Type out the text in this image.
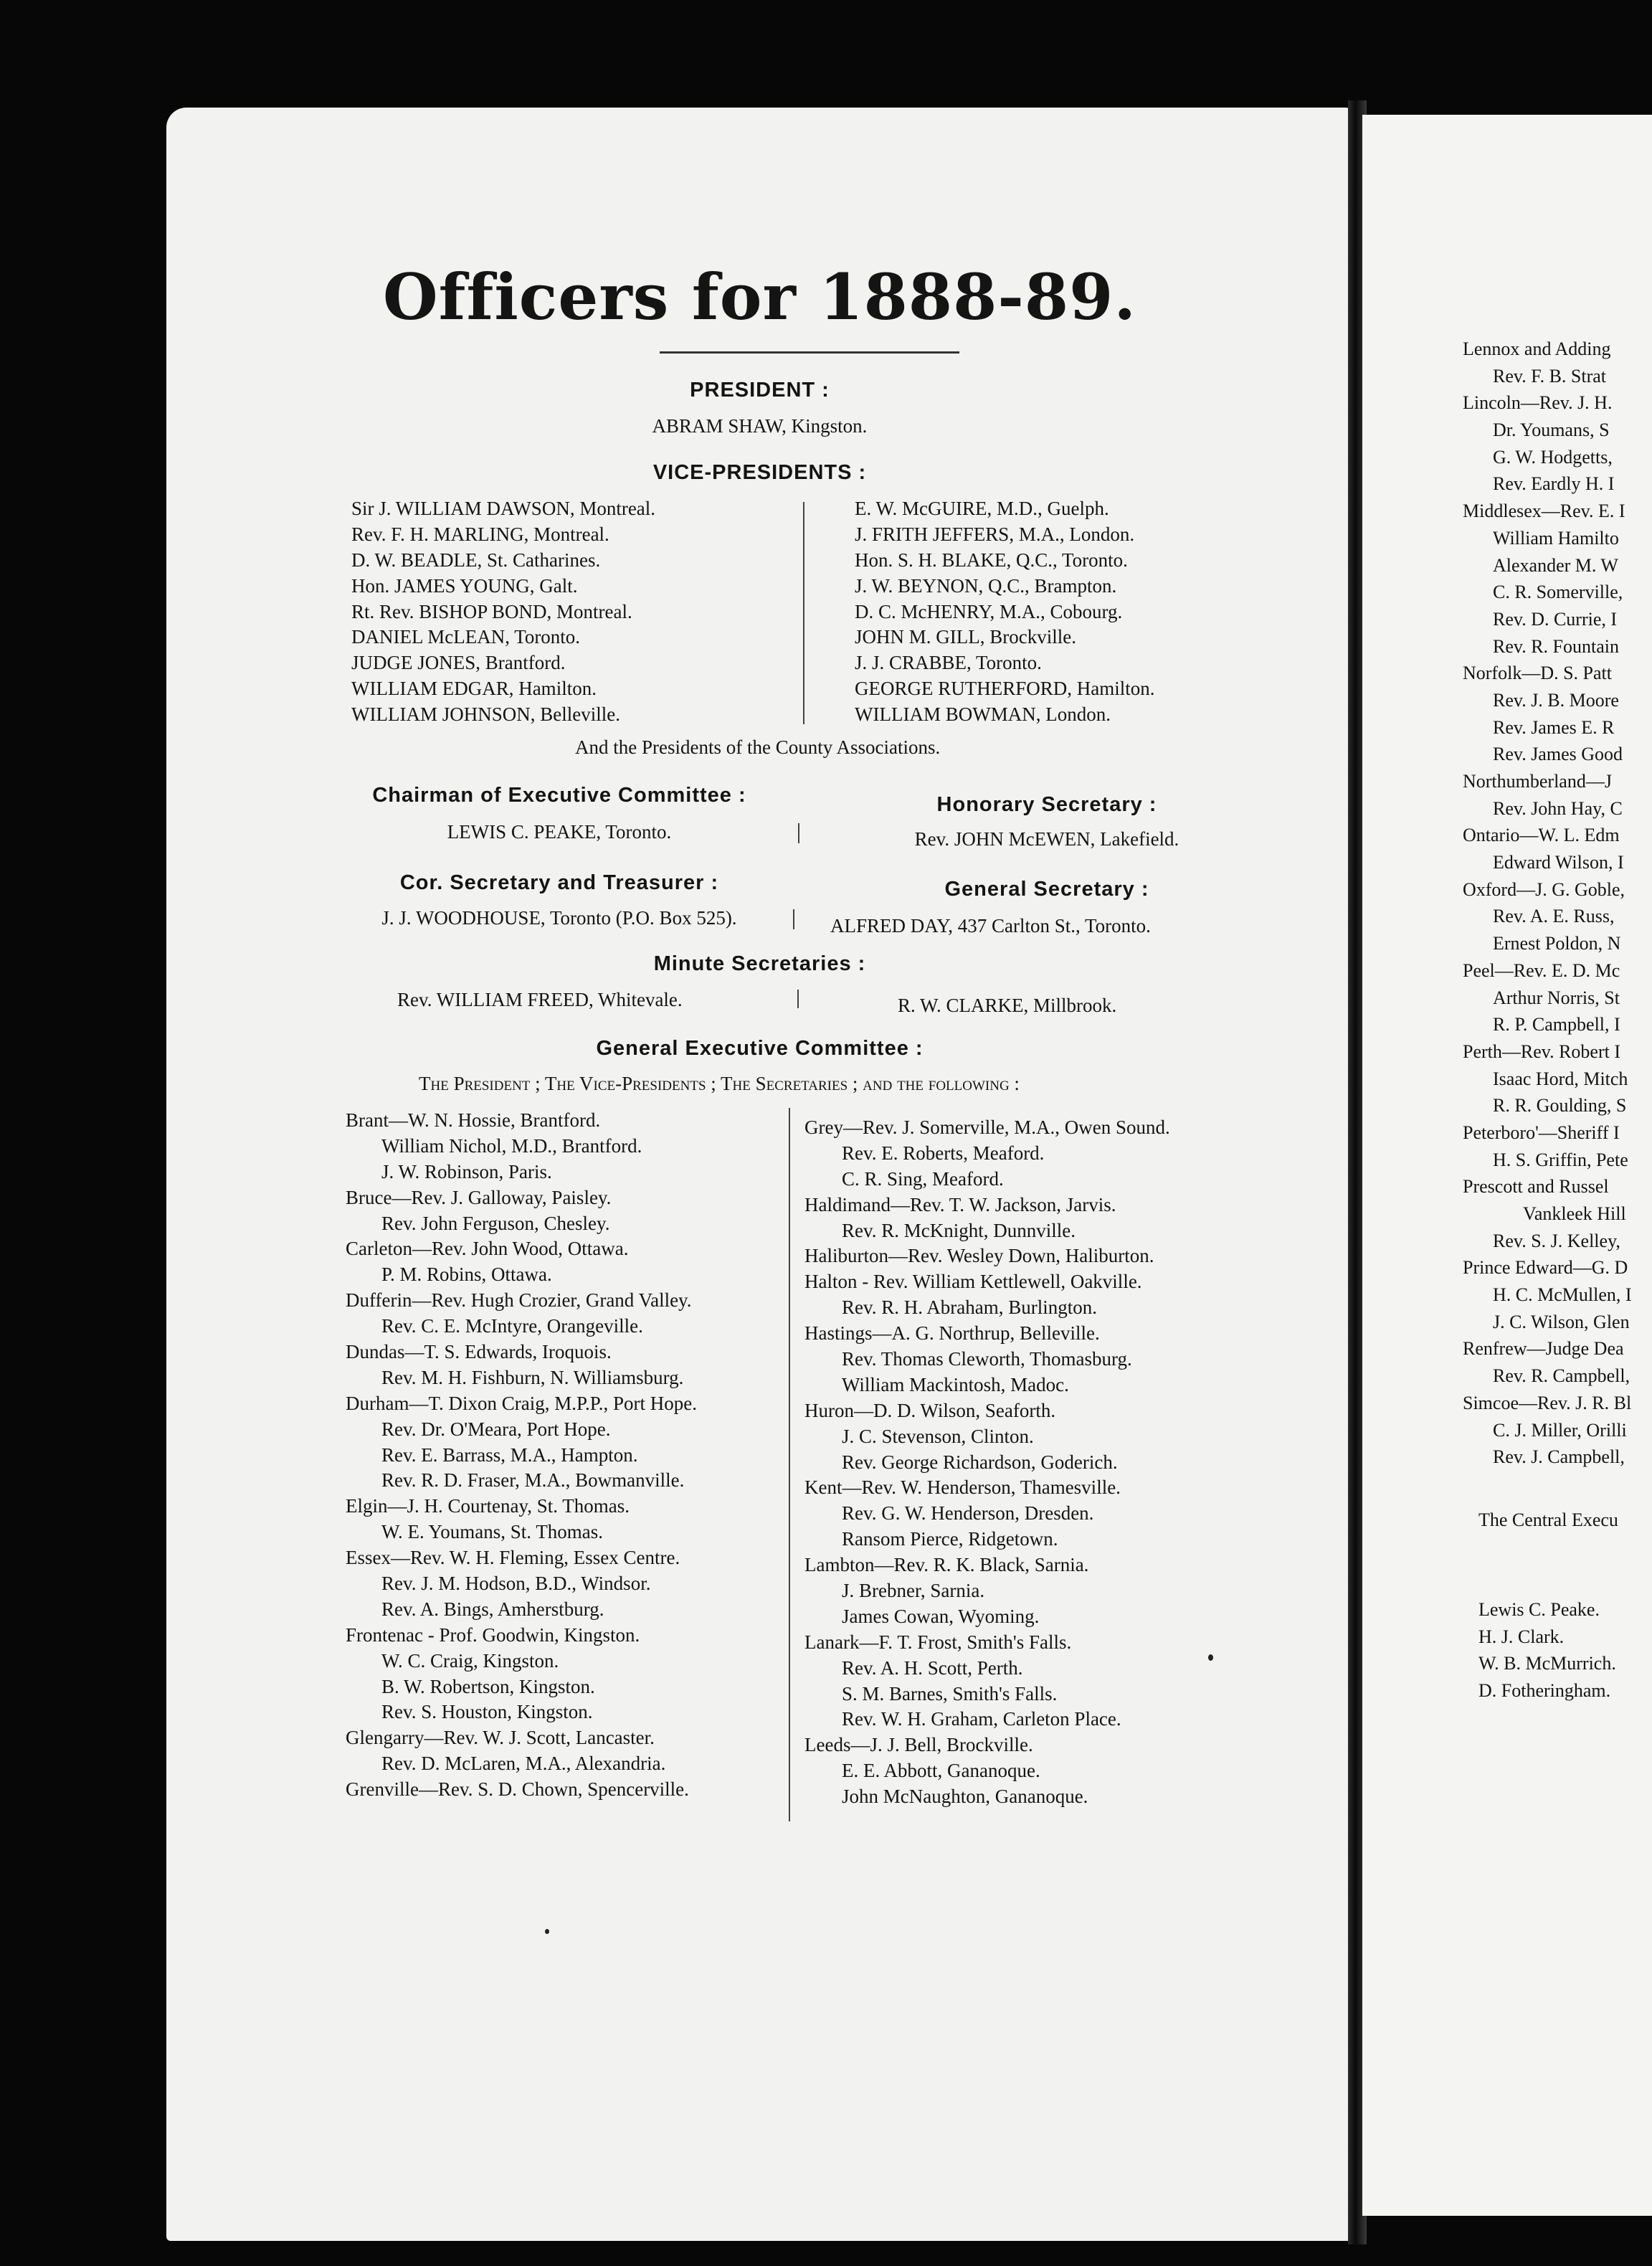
Officers for 1888-89.
PRESIDENT :
ABRAM SHAW, Kingston.
VICE-PRESIDENTS :
Sir J. WILLIAM DAWSON, Montreal.
Rev. F. H. MARLING, Montreal.
D. W. BEADLE, St. Catharines.
Hon. JAMES YOUNG, Galt.
Rt. Rev. BISHOP BOND, Montreal.
DANIEL McLEAN, Toronto.
JUDGE JONES, Brantford.
WILLIAM EDGAR, Hamilton.
WILLIAM JOHNSON, Belleville.
E. W. McGUIRE, M.D., Guelph.
J. FRITH JEFFERS, M.A., London.
Hon. S. H. BLAKE, Q.C., Toronto.
J. W. BEYNON, Q.C., Brampton.
D. C. McHENRY, M.A., Cobourg.
JOHN M. GILL, Brockville.
J. J. CRABBE, Toronto.
GEORGE RUTHERFORD, Hamilton.
WILLIAM BOWMAN, London.
And the Presidents of the County Associations.
Chairman of Executive Committee :
LEWIS C. PEAKE, Toronto.
Honorary Secretary :
Rev. JOHN McEWEN, Lakefield.
Cor. Secretary and Treasurer :
J. J. WOODHOUSE, Toronto (P.O. Box 525).
General Secretary :
ALFRED DAY, 437 Carlton St., Toronto.
Minute Secretaries :
Rev. WILLIAM FREED, Whitevale.	R. W. CLARKE, Millbrook.
General Executive Committee :
The President ; The Vice-Presidents ; The Secretaries ; and the following :
Brant—W. N. Hossie, Brantford.
William Nichol, M.D., Brantford.
J. W. Robinson, Paris.
Bruce—Rev. J. Galloway, Paisley.
Rev. John Ferguson, Chesley.
Carleton—Rev. John Wood, Ottawa.
P. M. Robins, Ottawa.
Dufferin—Rev. Hugh Crozier, Grand Valley.
Rev. C. E. McIntyre, Orangeville.
Dundas—T. S. Edwards, Iroquois.
Rev. M. H. Fishburn, N. Williamsburg.
Durham—T. Dixon Craig, M.P.P., Port Hope.
Rev. Dr. O'Meara, Port Hope.
Rev. E. Barrass, M.A., Hampton.
Rev. R. D. Fraser, M.A., Bowmanville.
Elgin—J. H. Courtenay, St. Thomas.
W. E. Youmans, St. Thomas.
Essex—Rev. W. H. Fleming, Essex Centre.
Rev. J. M. Hodson, B.D., Windsor.
Rev. A. Bings, Amherstburg.
Frontenac - Prof. Goodwin, Kingston.
W. C. Craig, Kingston.
B. W. Robertson, Kingston.
Rev. S. Houston, Kingston.
Glengarry—Rev. W. J. Scott, Lancaster.
Rev. D. McLaren, M.A., Alexandria.
Grenville—Rev. S. D. Chown, Spencerville.
Grey—Rev. J. Somerville, M.A., Owen Sound.
Rev. E. Roberts, Meaford.
C. R. Sing, Meaford.
Haldimand—Rev. T. W. Jackson, Jarvis.
Rev. R. McKnight, Dunnville.
Haliburton—Rev. Wesley Down, Haliburton.
Halton - Rev. William Kettlewell, Oakville.
Rev. R. H. Abraham, Burlington.
Hastings—A. G. Northrup, Belleville.
Rev. Thomas Cleworth, Thomasburg.
William Mackintosh, Madoc.
Huron—D. D. Wilson, Seaforth.
J. C. Stevenson, Clinton.
Rev. George Richardson, Goderich.
Kent—Rev. W. Henderson, Thamesville.
Rev. G. W. Henderson, Dresden.
Ransom Pierce, Ridgetown.
Lambton—Rev. R. K. Black, Sarnia.
J. Brebner, Sarnia.
James Cowan, Wyoming.
Lanark—F. T. Frost, Smith's Falls.
Rev. A. H. Scott, Perth.
S. M. Barnes, Smith's Falls.
Rev. W. H. Graham, Carleton Place.
Leeds—J. J. Bell, Brockville.
E. E. Abbott, Gananoque.
John McNaughton, Gananoque.
Lennox and Adding
Rev. F. B. Strat
Lincoln—Rev. J. H.
Dr. Youmans, S
G. W. Hodgetts,
Rev. Eardly H. I
Middlesex—Rev. E. I
William Hamilto
Alexander M. W
C. R. Somerville,
Rev. D. Currie, I
Rev. R. Fountain
Norfolk—D. S. Patt
Rev. J. B. Moore
Rev. James E. R
Rev. James Good
Northumberland—J
Rev. John Hay, C
Ontario—W. L. Edm
Edward Wilson, I
Oxford—J. G. Goble,
Rev. A. E. Russ,
Ernest Poldon, N
Peel—Rev. E. D. Mc
Arthur Norris, St
R. P. Campbell, I
Perth—Rev. Robert I
Isaac Hord, Mitch
R. R. Goulding, S
Peterboro'—Sheriff I
H. S. Griffin, Pete
Prescott and Russel
Vankleek Hill
Rev. S. J. Kelley,
Prince Edward—G. D
H. C. McMullen, I
J. C. Wilson, Glen
Renfrew—Judge Dea
Rev. R. Campbell,
Simcoe—Rev. J. R. Bl
C. J. Miller, Orilli
Rev. J. Campbell,
The Central Execu
Lewis C. Peake.
H. J. Clark.
W. B. McMurrich.
D. Fotheringham.
